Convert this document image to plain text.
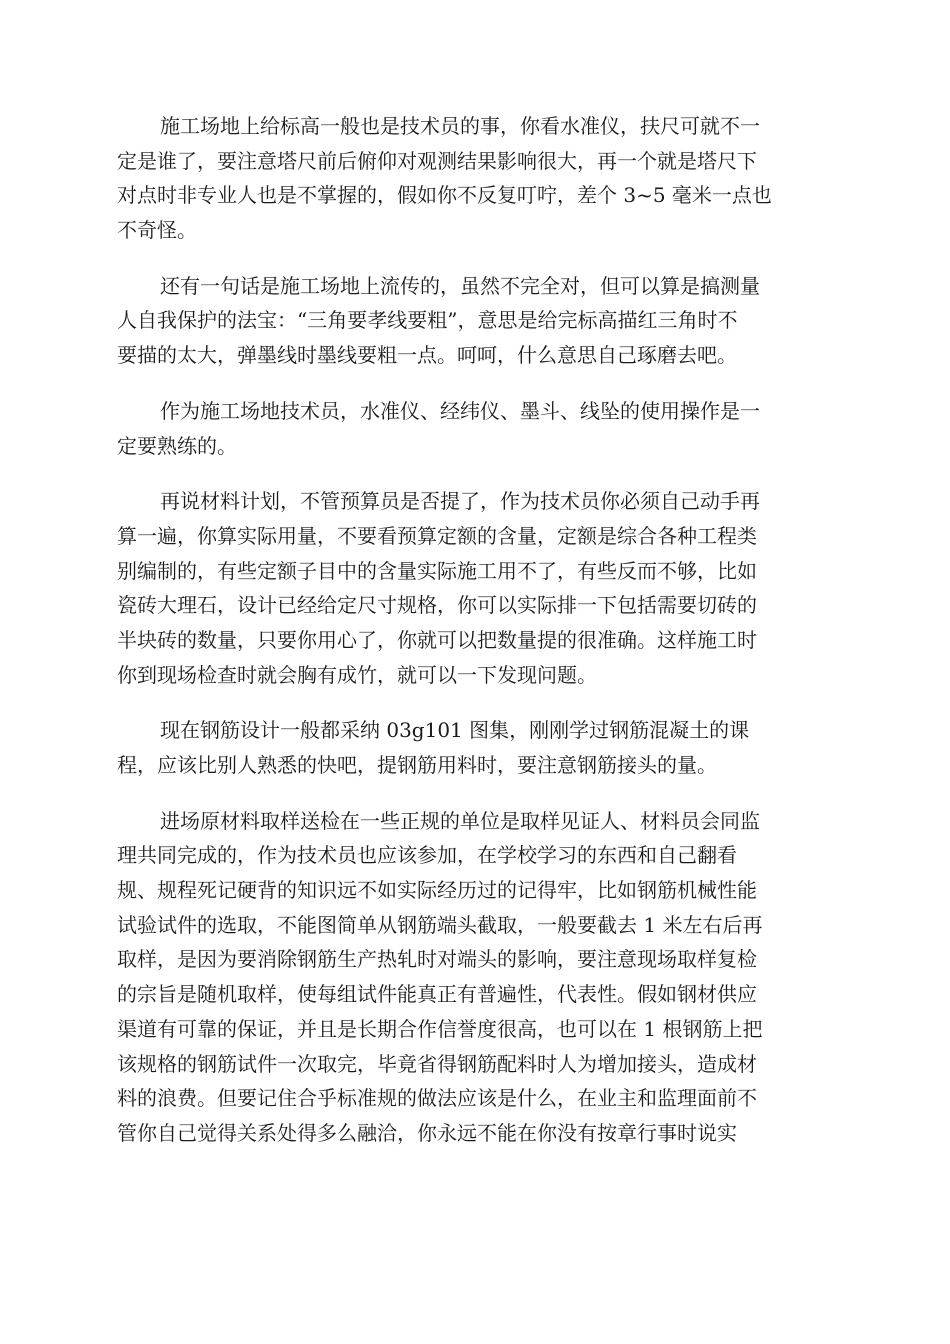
施工场地上给标高一般也是技术员的事，你看水准仪，扶尺可就不一
定是谁了，要注意塔尺前后俯仰对观测结果影响很大，再一个就是塔尺下
对点时非专业人也是不掌握的，假如你不反复叮咛，差个 3~5 毫米一点也
不奇怪。
还有一句话是施工场地上流传的，虽然不完全对，但可以算是搞测量
人自我保护的法宝：“三角要孝线要粗”，意思是给完标高描红三角时不
要描的太大，弹墨线时墨线要粗一点。呵呵，什么意思自己琢磨去吧。
作为施工场地技术员，水准仪、经纬仪、墨斗、线坠的使用操作是一
定要熟练的。
再说材料计划，不管预算员是否提了，作为技术员你必须自己动手再
算一遍，你算实际用量，不要看预算定额的含量，定额是综合各种工程类
别编制的，有些定额子目中的含量实际施工用不了，有些反而不够，比如
瓷砖大理石，设计已经给定尺寸规格，你可以实际排一下包括需要切砖的
半块砖的数量，只要你用心了，你就可以把数量提的很准确。这样施工时
你到现场检查时就会胸有成竹，就可以一下发现问题。
现在钢筋设计一般都采纳 03g101 图集，刚刚学过钢筋混凝土的课
程，应该比别人熟悉的快吧，提钢筋用料时，要注意钢筋接头的量。
进场原材料取样送检在一些正规的单位是取样见证人、材料员会同监
理共同完成的，作为技术员也应该参加，在学校学习的东西和自己翻看
规、规程死记硬背的知识远不如实际经历过的记得牢，比如钢筋机械性能
试验试件的选取，不能图简单从钢筋端头截取，一般要截去 1 米左右后再
取样，是因为要消除钢筋生产热轧时对端头的影响，要注意现场取样复检
的宗旨是随机取样，使每组试件能真正有普遍性，代表性。假如钢材供应
渠道有可靠的保证，并且是长期合作信誉度很高，也可以在 1 根钢筋上把
该规格的钢筋试件一次取完，毕竟省得钢筋配料时人为增加接头，造成材
料的浪费。但要记住合乎标准规的做法应该是什么，在业主和监理面前不
管你自己觉得关系处得多么融洽，你永远不能在你没有按章行事时说实
